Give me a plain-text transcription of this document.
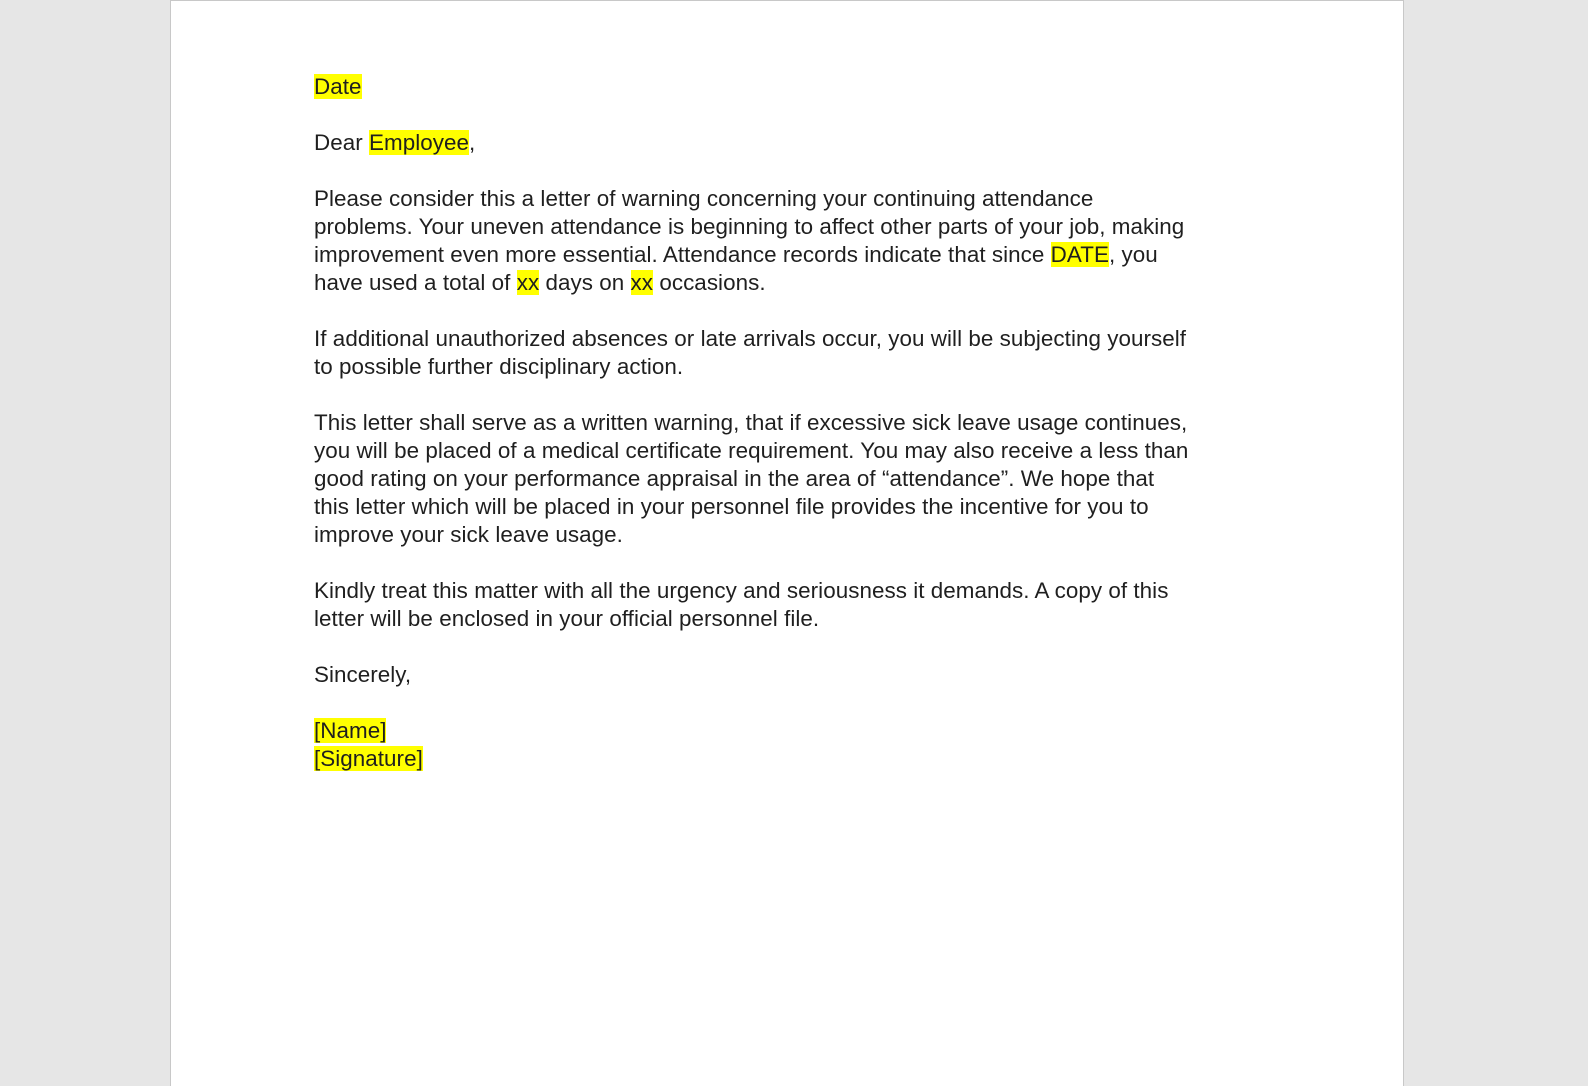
Date

Dear Employee,

Please consider this a letter of warning concerning your continuing attendance
problems. Your uneven attendance is beginning to affect other parts of your job, making
improvement even more essential. Attendance records indicate that since DATE, you
have used a total of xx days on xx occasions.

If additional unauthorized absences or late arrivals occur, you will be subjecting yourself
to possible further disciplinary action.

This letter shall serve as a written warning, that if excessive sick leave usage continues,
you will be placed of a medical certificate requirement. You may also receive a less than
good rating on your performance appraisal in the area of “attendance”. We hope that
this letter which will be placed in your personnel file provides the incentive for you to
improve your sick leave usage.

Kindly treat this matter with all the urgency and seriousness it demands. A copy of this
letter will be enclosed in your official personnel file.

Sincerely,

[Name]

[Signature]
